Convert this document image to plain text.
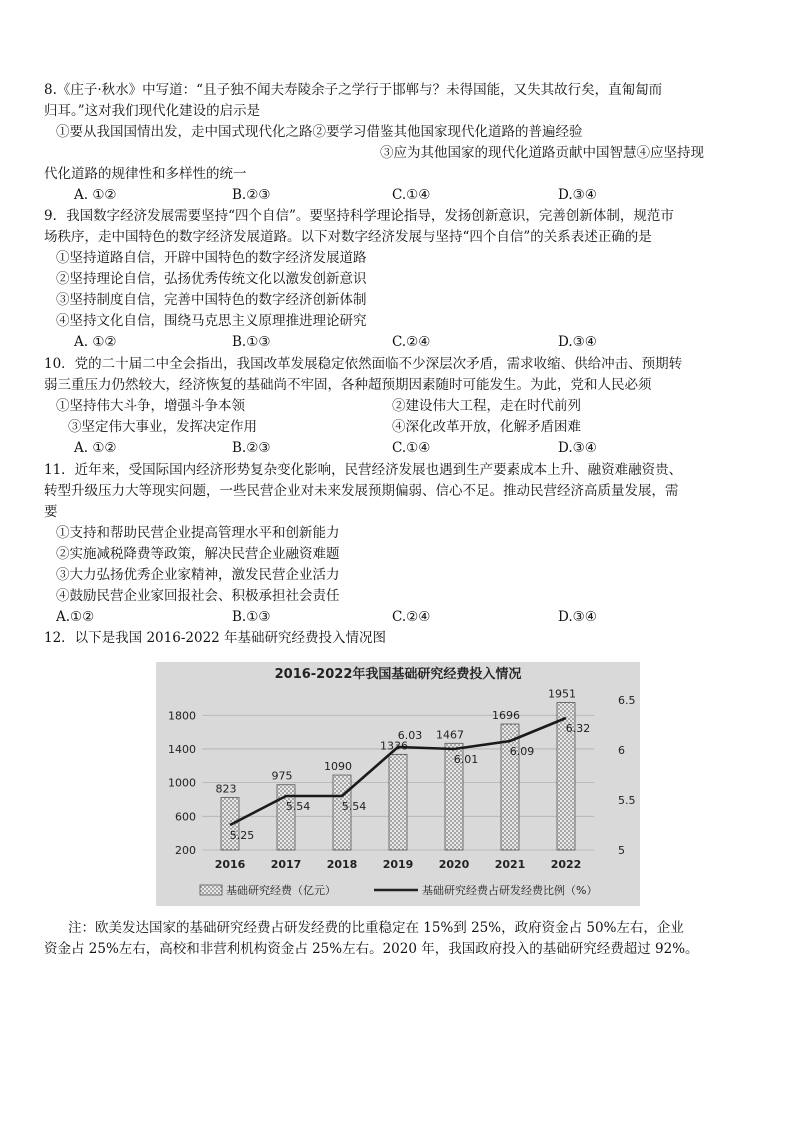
8.《庄子·秋水》中写道：“且子独不闻夫寿陵余子之学行于邯郸与？未得国能，又失其故行矣，直匍匐而
归耳。”这对我们现代化建设的启示是
①要从我国国情出发，走中国式现代化之路②要学习借鉴其他国家现代化道路的普遍经验
③应为其他国家的现代化道路贡献中国智慧④应坚持现
代化道路的规律性和多样性的统一
A. ①②	B.②③	C.①④	D.③④
9．我国数字经济发展需要坚持“四个自信”。要坚持科学理论指导，发扬创新意识，完善创新体制，规范市
场秩序，走中国特色的数字经济发展道路。以下对数字经济发展与坚持“四个自信”的关系表述正确的是
①坚持道路自信，开辟中国特色的数字经济发展道路
②坚持理论自信，弘扬优秀传统文化以激发创新意识
③坚持制度自信，完善中国特色的数字经济创新体制
④坚持文化自信，围绕马克思主义原理推进理论研究
A. ①②	B.①③	C.②④	D.③④
10．党的二十届二中全会指出，我国改革发展稳定依然面临不少深层次矛盾，需求收缩、供给冲击、预期转
弱三重压力仍然较大，经济恢复的基础尚不牢固，各种超预期因素随时可能发生。为此，党和人民必须
①坚持伟大斗争，增强斗争本领	②建设伟大工程，走在时代前列
③坚定伟大事业，发挥决定作用	④深化改革开放，化解矛盾困难
A. ①②	B.②③	C.①④	D.③④
11．近年来，受国际国内经济形势复杂变化影响，民营经济发展也遇到生产要素成本上升、融资难融资贵、
转型升级压力大等现实问题，一些民营企业对未来发展预期偏弱、信心不足。推动民营经济高质量发展，需
要
①支持和帮助民营企业提高管理水平和创新能力
②实施减税降费等政策，解决民营企业融资难题
③大力弘扬优秀企业家精神，激发民营企业活力
④鼓励民营企业家回报社会、积极承担社会责任
A.①②	B.①③	C.②④	D.③④
12．以下是我国 2016-2022 年基础研究经费投入情况图
2016-2022年我国基础研究经费投入情况
200
600
1000
1400
1800
5
5.5
6
6.5
823
975
1090
1336
1467
1696
1951
5.25
5.54	5.54
6.03
6.01
6.09
6.32
2016 2017 2018 2019 2020 2021 2022
基础研究经费（亿元）	基础研究经费占研发经费比例（%）
注：欧美发达国家的基础研究经费占研发经费的比重稳定在 15%到 25%，政府资金占 50%左右，企业
资金占 25%左右，高校和非营利机构资金占 25%左右。2020 年，我国政府投入的基础研究经费超过 92%。
